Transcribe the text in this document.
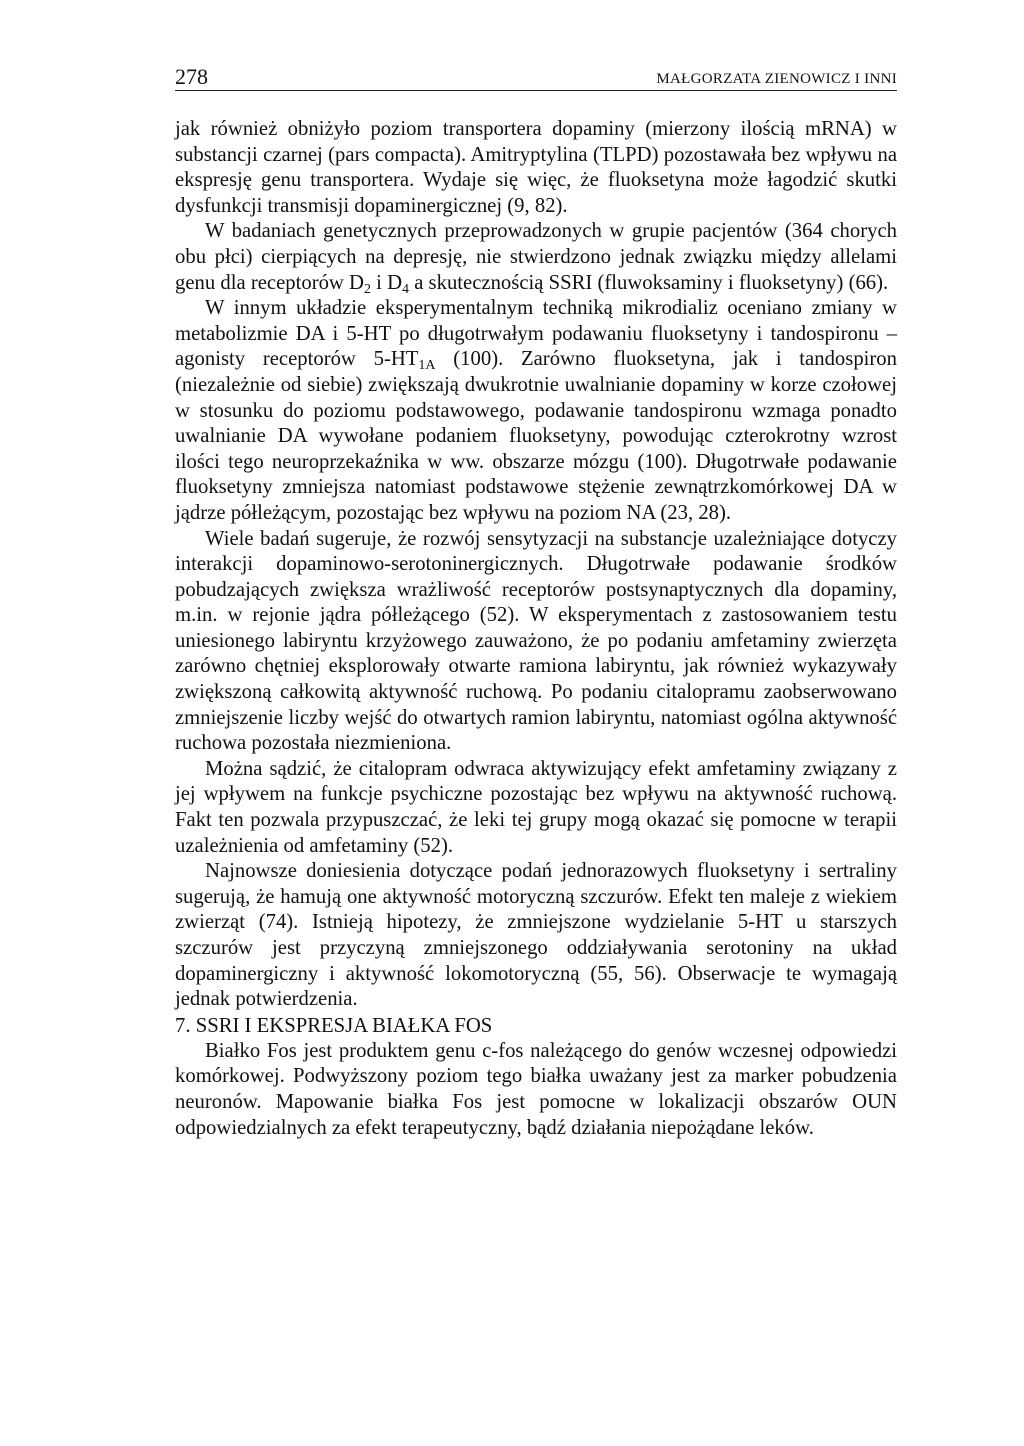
278	MAŁGORZATA ZIENOWICZ I INNI

jak również obniżyło poziom transportera dopaminy (mierzony ilością mRNA) w substancji czarnej (pars compacta). Amitryptylina (TLPD) pozostawała bez wpływu na ekspresję genu transportera. Wydaje się więc, że fluoksetyna może łagodzić skutki dysfunkcji transmisji dopaminergicznej (9, 82).

W badaniach genetycznych przeprowadzonych w grupie pacjentów (364 chorych obu płci) cierpiących na depresję, nie stwierdzono jednak związku między allelami genu dla receptorów $D_2$ i $D_4$ a skutecznością SSRI (fluwoksaminy i fluoksetyny) (66).

W innym układzie eksperymentalnym techniką mikrodializ oceniano zmiany w metabolizmie DA i 5-HT po długotrwałym podawaniu fluoksetyny i tandospironu – agonisty receptorów $5-HT_{1A}$ (100). Zarówno fluoksetyna, jak i tandospiron (niezależnie od siebie) zwiększają dwukrotnie uwalnianie dopaminy w korze czołowej w stosunku do poziomu podstawowego, podawanie tandospironu wzmaga ponadto uwalnianie DA wywołane podaniem fluoksetyny, powodując czterokrotny wzrost ilości tego neuroprzekaźnika w ww. obszarze mózgu (100). Długotrwałe podawanie fluoksetyny zmniejsza natomiast podstawowe stężenie zewnątrzkomórkowej DA w jądrze półleżącym, pozostając bez wpływu na poziom NA (23, 28).

Wiele badań sugeruje, że rozwój sensytyzacji na substancje uzależniające dotyczy interakcji dopaminowo-serotoninergicznych. Długotrwałe podawanie środków pobudzających zwiększa wrażliwość receptorów postsynaptycznych dla dopaminy, m.in. w rejonie jądra półleżącego (52). W eksperymentach z zastosowaniem testu uniesionego labiryntu krzyżowego zauważono, że po podaniu amfetaminy zwierzęta zarówno chętniej eksplorowały otwarte ramiona labiryntu, jak również wykazywały zwiększoną całkowitą aktywność ruchową. Po podaniu citalopramu zaobserwowano zmniejszenie liczby wejść do otwartych ramion labiryntu, natomiast ogólna aktywność ruchowa pozostała niezmieniona.

Można sądzić, że citalopram odwraca aktywizujący efekt amfetaminy związany z jej wpływem na funkcje psychiczne pozostając bez wpływu na aktywność ruchową. Fakt ten pozwala przypuszczać, że leki tej grupy mogą okazać się pomocne w terapii uzależnienia od amfetaminy (52).

Najnowsze doniesienia dotyczące podań jednorazowych fluoksetyny i sertraliny sugerują, że hamują one aktywność motoryczną szczurów. Efekt ten maleje z wiekiem zwierząt (74). Istnieją hipotezy, że zmniejszone wydzielanie 5-HT u starszych szczurów jest przyczyną zmniejszonego oddziaływania serotoniny na układ dopaminergiczny i aktywność lokomotoryczną (55, 56). Obserwacje te wymagają jednak potwierdzenia.

7. SSRI I EKSPRESJA BIAŁKA FOS

Białko Fos jest produktem genu c-fos należącego do genów wczesnej odpowiedzi komórkowej. Podwyższony poziom tego białka uważany jest za marker pobudzenia neuronów. Mapowanie białka Fos jest pomocne w lokalizacji obszarów OUN odpowiedzialnych za efekt terapeutyczny, bądź działania niepożądane leków.
